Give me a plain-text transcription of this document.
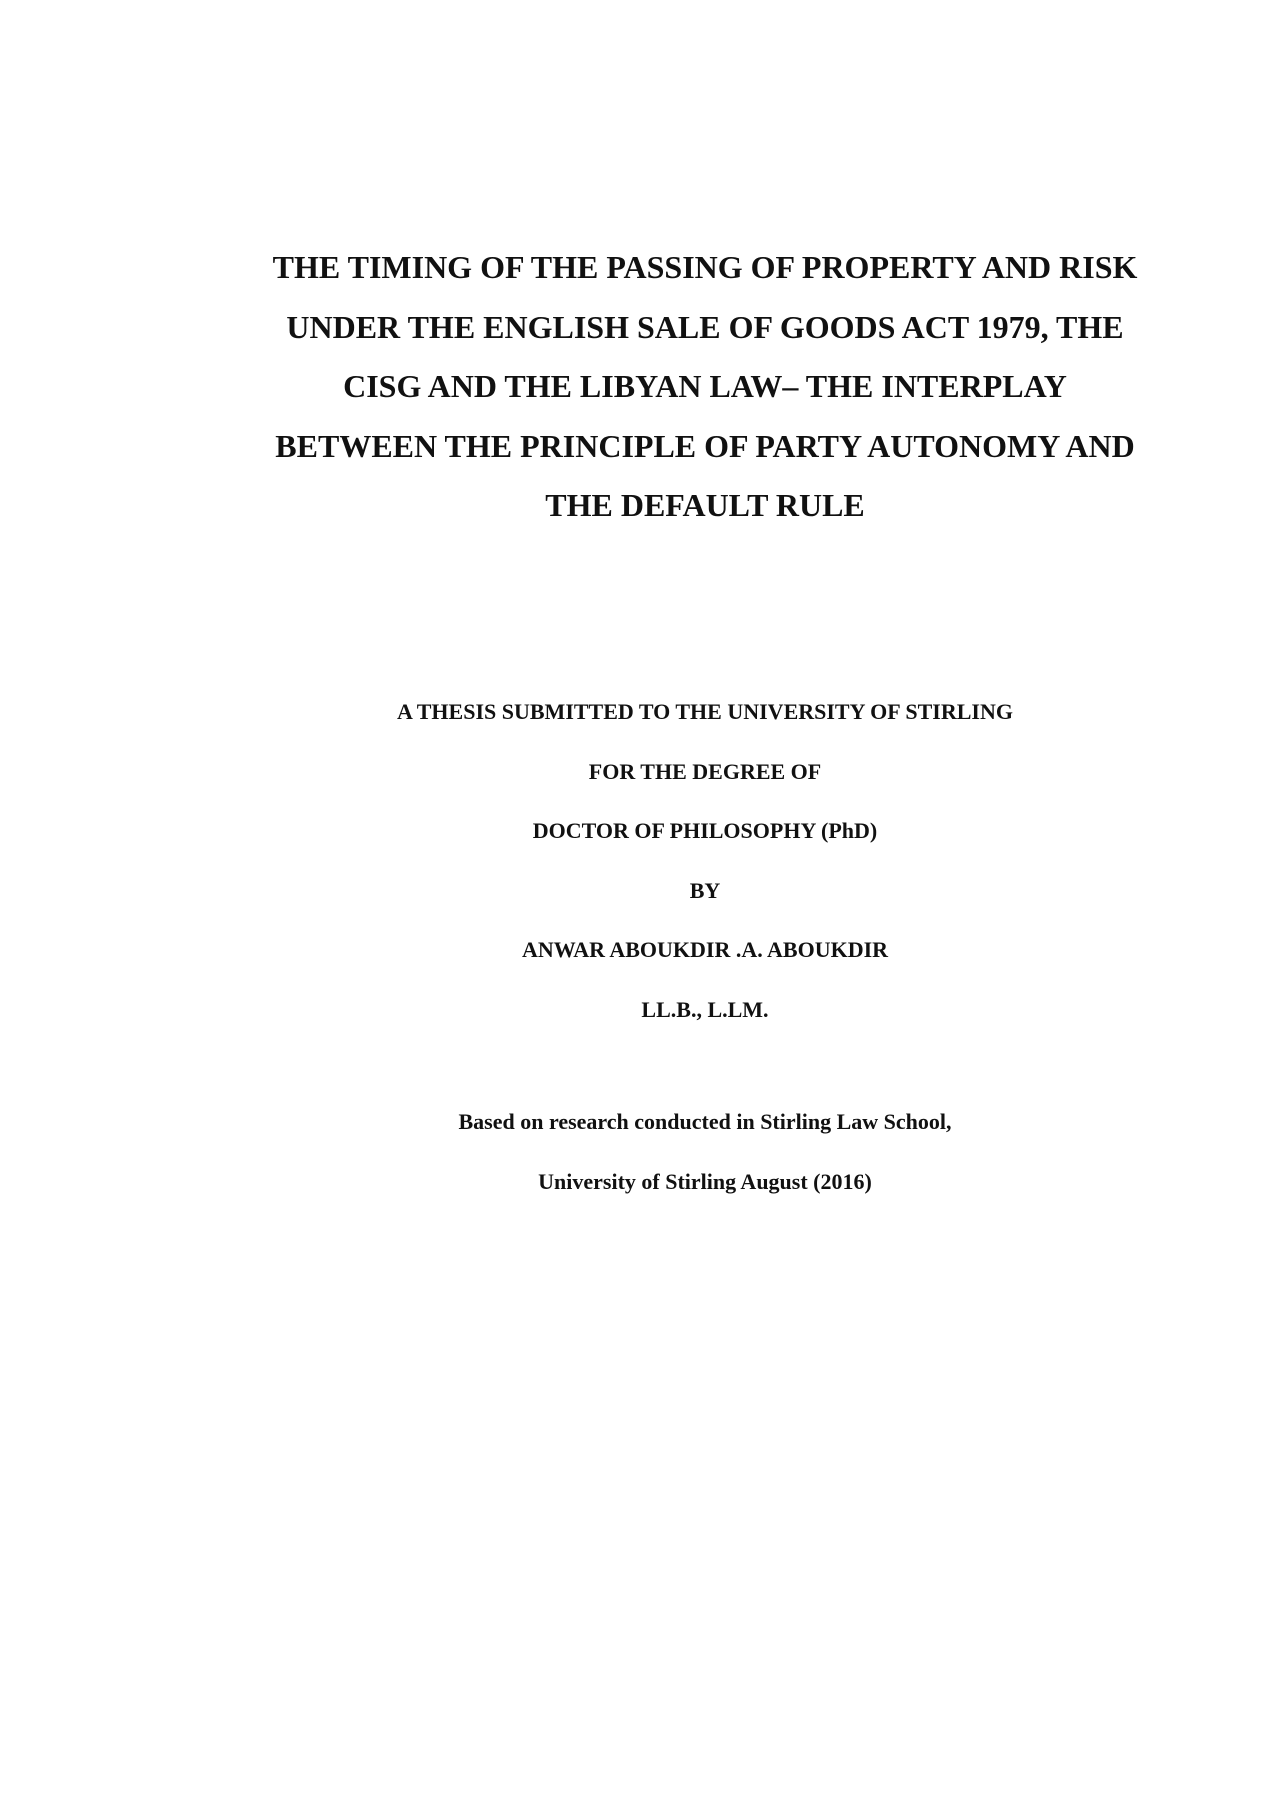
THE TIMING OF THE PASSING OF PROPERTY AND RISK

UNDER THE ENGLISH SALE OF GOODS ACT 1979, THE

CISG AND THE LIBYAN LAW– THE INTERPLAY

BETWEEN THE PRINCIPLE OF PARTY AUTONOMY AND

THE DEFAULT RULE

A THESIS SUBMITTED TO THE UNIVERSITY OF STIRLING

FOR THE DEGREE OF

DOCTOR OF PHILOSOPHY (PhD)

BY

ANWAR ABOUKDIR .A. ABOUKDIR

LL.B., L.LM.

Based on research conducted in Stirling Law School,

University of Stirling August (2016)
